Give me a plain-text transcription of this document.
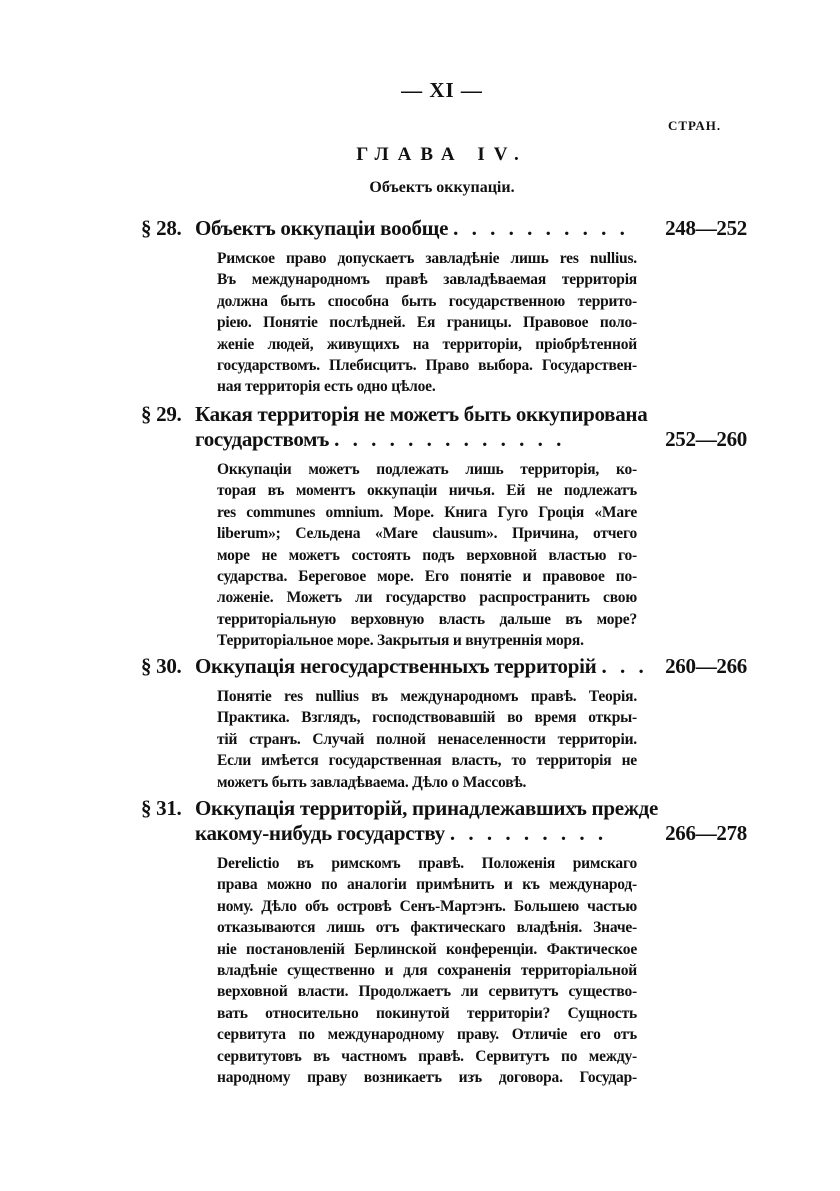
— XI —
СТРАН.
ГЛАВА IV.
Объектъ оккупаціи.
§ 28. Объектъ оккупаціи вообще . . . . . . . . . .	248—252
Римское право допускаетъ завладѣніе лишь res nullius.
Въ международномъ правѣ завладѣваемая территорія
должна быть способна быть государственною террито-
ріею. Понятіе послѣдней. Ея границы. Правовое поло-
женіе людей, живущихъ на территоріи, пріобрѣтенной
государствомъ. Плебисцитъ. Право выбора. Государствен-
ная территорія есть одно цѣлое.
§ 29. Какая территорія не можетъ быть оккупирована
государствомъ . . . . . . . . . . . . .	252—260
Оккупаціи можетъ подлежать лишь территорія, ко-
торая въ моментъ оккупаціи ничья. Ей не подлежатъ
res communes omnium. Море. Книга Гуго Гроція «Mare
liberum»; Сельдена «Mare clausum». Причина, отчего
море не можетъ состоять подъ верховной властью го-
сударства. Береговое море. Его понятіе и правовое по-
ложеніе. Можетъ ли государство распространить свою
территоріальную верховную власть дальше въ море?
Территоріальное море. Закрытыя и внутреннія моря.
§ 30. Оккупація негосударственныхъ территорій . . . 260—266
Понятіе res nullius въ международномъ правѣ. Теорія.
Практика. Взглядъ, господствовавшій во время откры-
тій странъ. Случай полной ненаселенности территоріи.
Если имѣется государственная власть, то территорія не
можетъ быть завладѣваема. Дѣло о Массовѣ.
§ 31. Оккупація территорій, принадлежавшихъ прежде
какому-нибудь государству . . . . . . . . .	266—278
Derelictio въ римскомъ правѣ. Положенія римскаго
права можно по аналогіи примѣнить и къ международ-
ному. Дѣло объ островѣ Сенъ-Мартэнъ. Большею частью
отказываются лишь отъ фактическаго владѣнія. Значе-
ніе постановленій Берлинской конференціи. Фактическое
владѣніе существенно и для сохраненія территоріальной
верховной власти. Продолжаетъ ли сервитутъ существо-
вать относительно покинутой территоріи? Сущность
сервитута по международному праву. Отличіе его отъ
сервитутовъ въ частномъ правѣ. Сервитутъ по между-
народному праву возникаетъ изъ договора. Государ-
